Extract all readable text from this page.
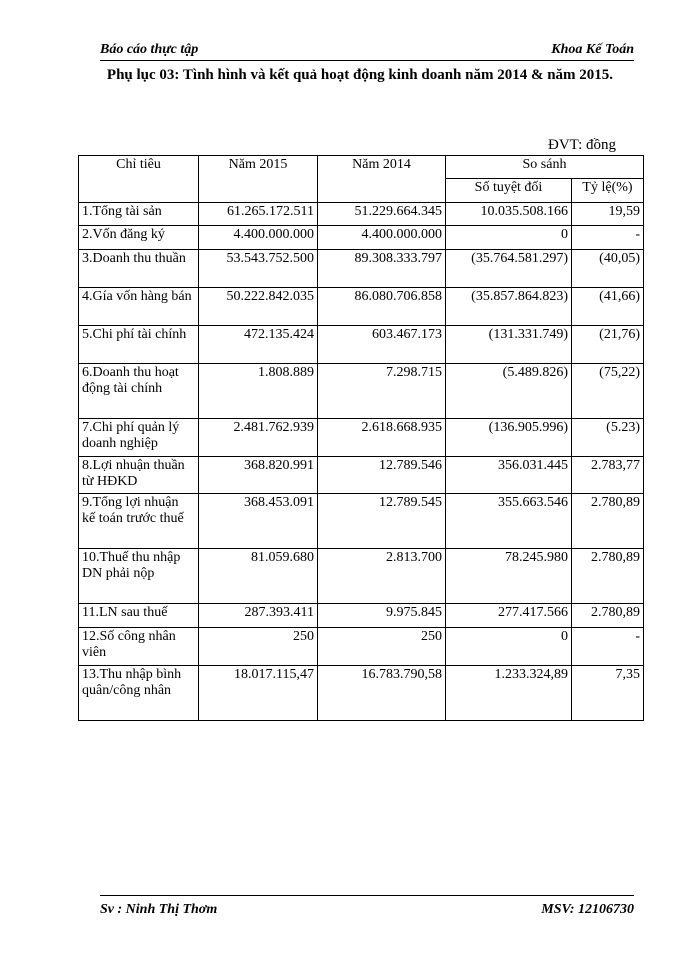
Báo cáo thực tập	Khoa Kế Toán
Phụ lục 03: Tình hình và kết quả hoạt động kinh doanh năm 2014 & năm 2015.
ĐVT: đồng
Chỉ tiêu	Năm 2015	Năm 2014	So sánh	
			Số tuyệt đối	Tỷ lệ(%)
1.Tổng tài sản	61.265.172.511	51.229.664.345	10.035.508.166	19,59
2.Vốn đăng ký	4.400.000.000	4.400.000.000	0	-
3.Doanh thu thuần	53.543.752.500	89.308.333.797	(35.764.581.297)	(40,05)
4.Gía vốn hàng bán	50.222.842.035	86.080.706.858	(35.857.864.823)	(41,66)
5.Chi phí tài chính	472.135.424	603.467.173	(131.331.749)	(21,76)
6.Doanh thu hoạt động tài chính	1.808.889	7.298.715	(5.489.826)	(75,22)
7.Chi phí quản lý doanh nghiệp	2.481.762.939	2.618.668.935	(136.905.996)	(5.23)
8.Lợi nhuận thuần từ HĐKD	368.820.991	12.789.546	356.031.445	2.783,77
9.Tổng lợi nhuận kế toán trước thuế	368.453.091	12.789.545	355.663.546	2.780,89
10.Thuế thu nhập DN phải nộp	81.059.680	2.813.700	78.245.980	2.780,89
11.LN sau thuế	287.393.411	9.975.845	277.417.566	2.780,89
12.Số công nhân viên	250	250	0	-
13.Thu nhập bình quân/công nhân	18.017.115,47	16.783.790,58	1.233.324,89	7,35
Sv : Ninh Thị Thơm	MSV: 12106730
